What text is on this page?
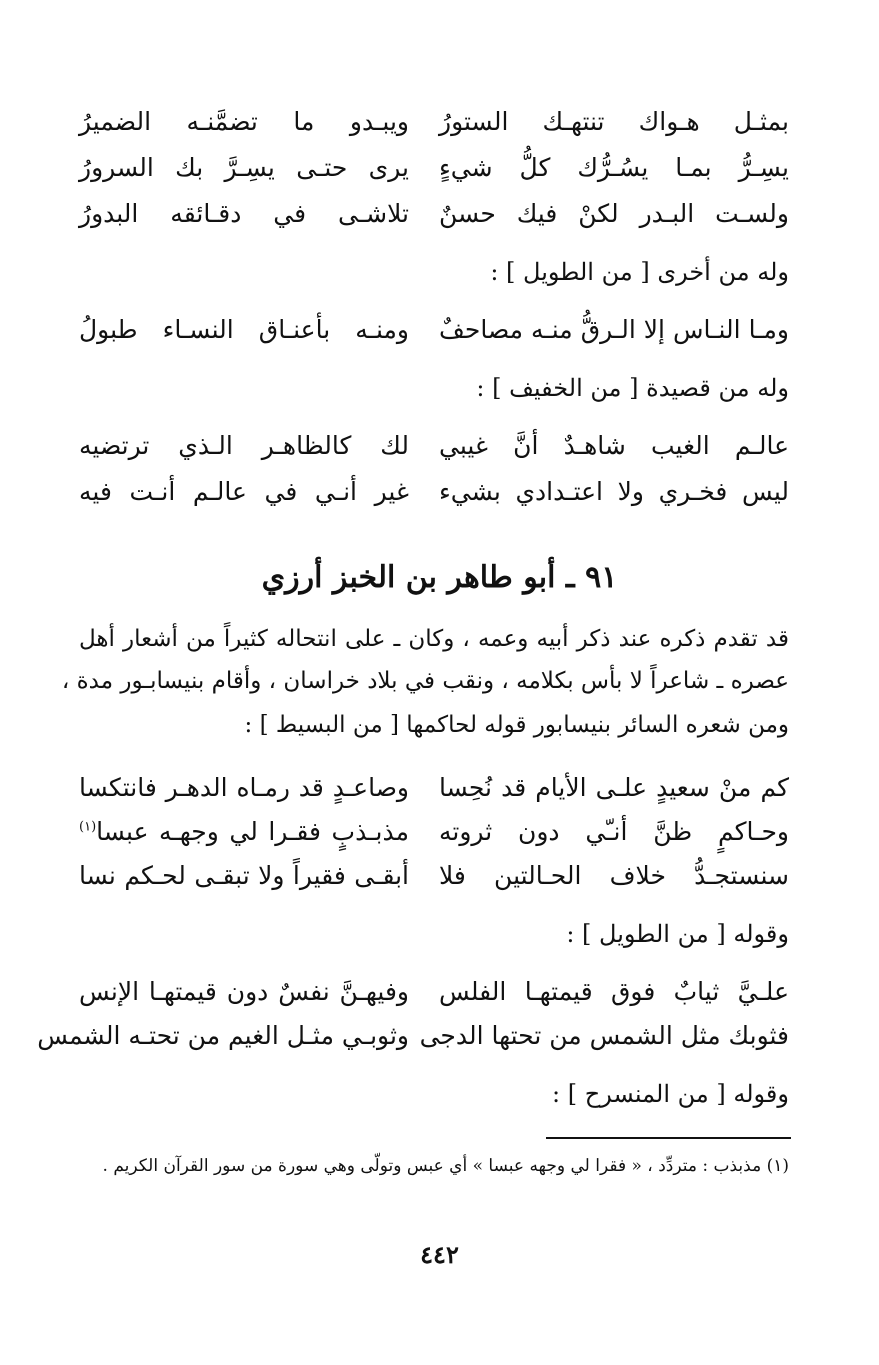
بمثـل هـواك تنتهـك الستورُ
ويبـدو ما تضمَّنـه الضميرُ
يسِـرُّ بمـا يسُـرُّك كلُّ شيءٍ
يرى حتـى يسِـرَّ بك السرورُ
ولسـت البـدر لكنْ فيك حسنٌ
تلاشـى في دقـائقه البدورُ
وله من أخرى [ من الطويل ] :
ومـا النـاس إلا الـرقُّ منـه مصاحفٌ
ومنـه بأعنـاق النسـاء طبولُ
وله من قصيدة [ من الخفيف ] :
عالـم الغيب شاهـدٌ أنَّ غيبي
لك كالظاهـر الـذي ترتضيه
ليس فخـري ولا اعتـدادي بشيء
غير أنـي في عالـم أنـت فيه
٩١ ـ أبو طاهر بن الخبز أرزي
قد تقدم ذكره عند ذكر أبيه وعمه ، وكان ـ على انتحاله كثيراً من أشعار أهل
عصره ـ شاعراً لا بأس بكلامه ، ونقب في بلاد خراسان ، وأقام بنيسابـور مدة ،
ومن شعره السائر بنيسابور قوله لحاكمها [ من البسيط ] :
كم منْ سعيدٍ علـى الأيام قد نُحِسا
وصاعـدٍ قد رمـاه الدهـر فانتكسا
وحـاكمٍ ظنَّ أنـّي دون ثروته
مذبـذبٍ فقـرا لي وجهـه عبسا$^{(١)}$
سنستجـدُّ خلاف الحـالتين فلا
أبقـى فقيراً ولا تبقـى لحـكم نسا
وقوله [ من الطويل ] :
علـيَّ ثيابٌ فوق قيمتهـا الفلس
وفيهـنَّ نفسٌ دون قيمتهـا الإنس
فثوبك مثل الشمس من تحتها الدجى
وثوبـي مثـل الغيم من تحتـه الشمس
وقوله [ من المنسرح ] :
(١) مذبذب : متردِّد ، « فقرا لي وجهه عبسا » أي عبس وتولّى وهي سورة من سور القرآن الكريم .
٤٤٢
